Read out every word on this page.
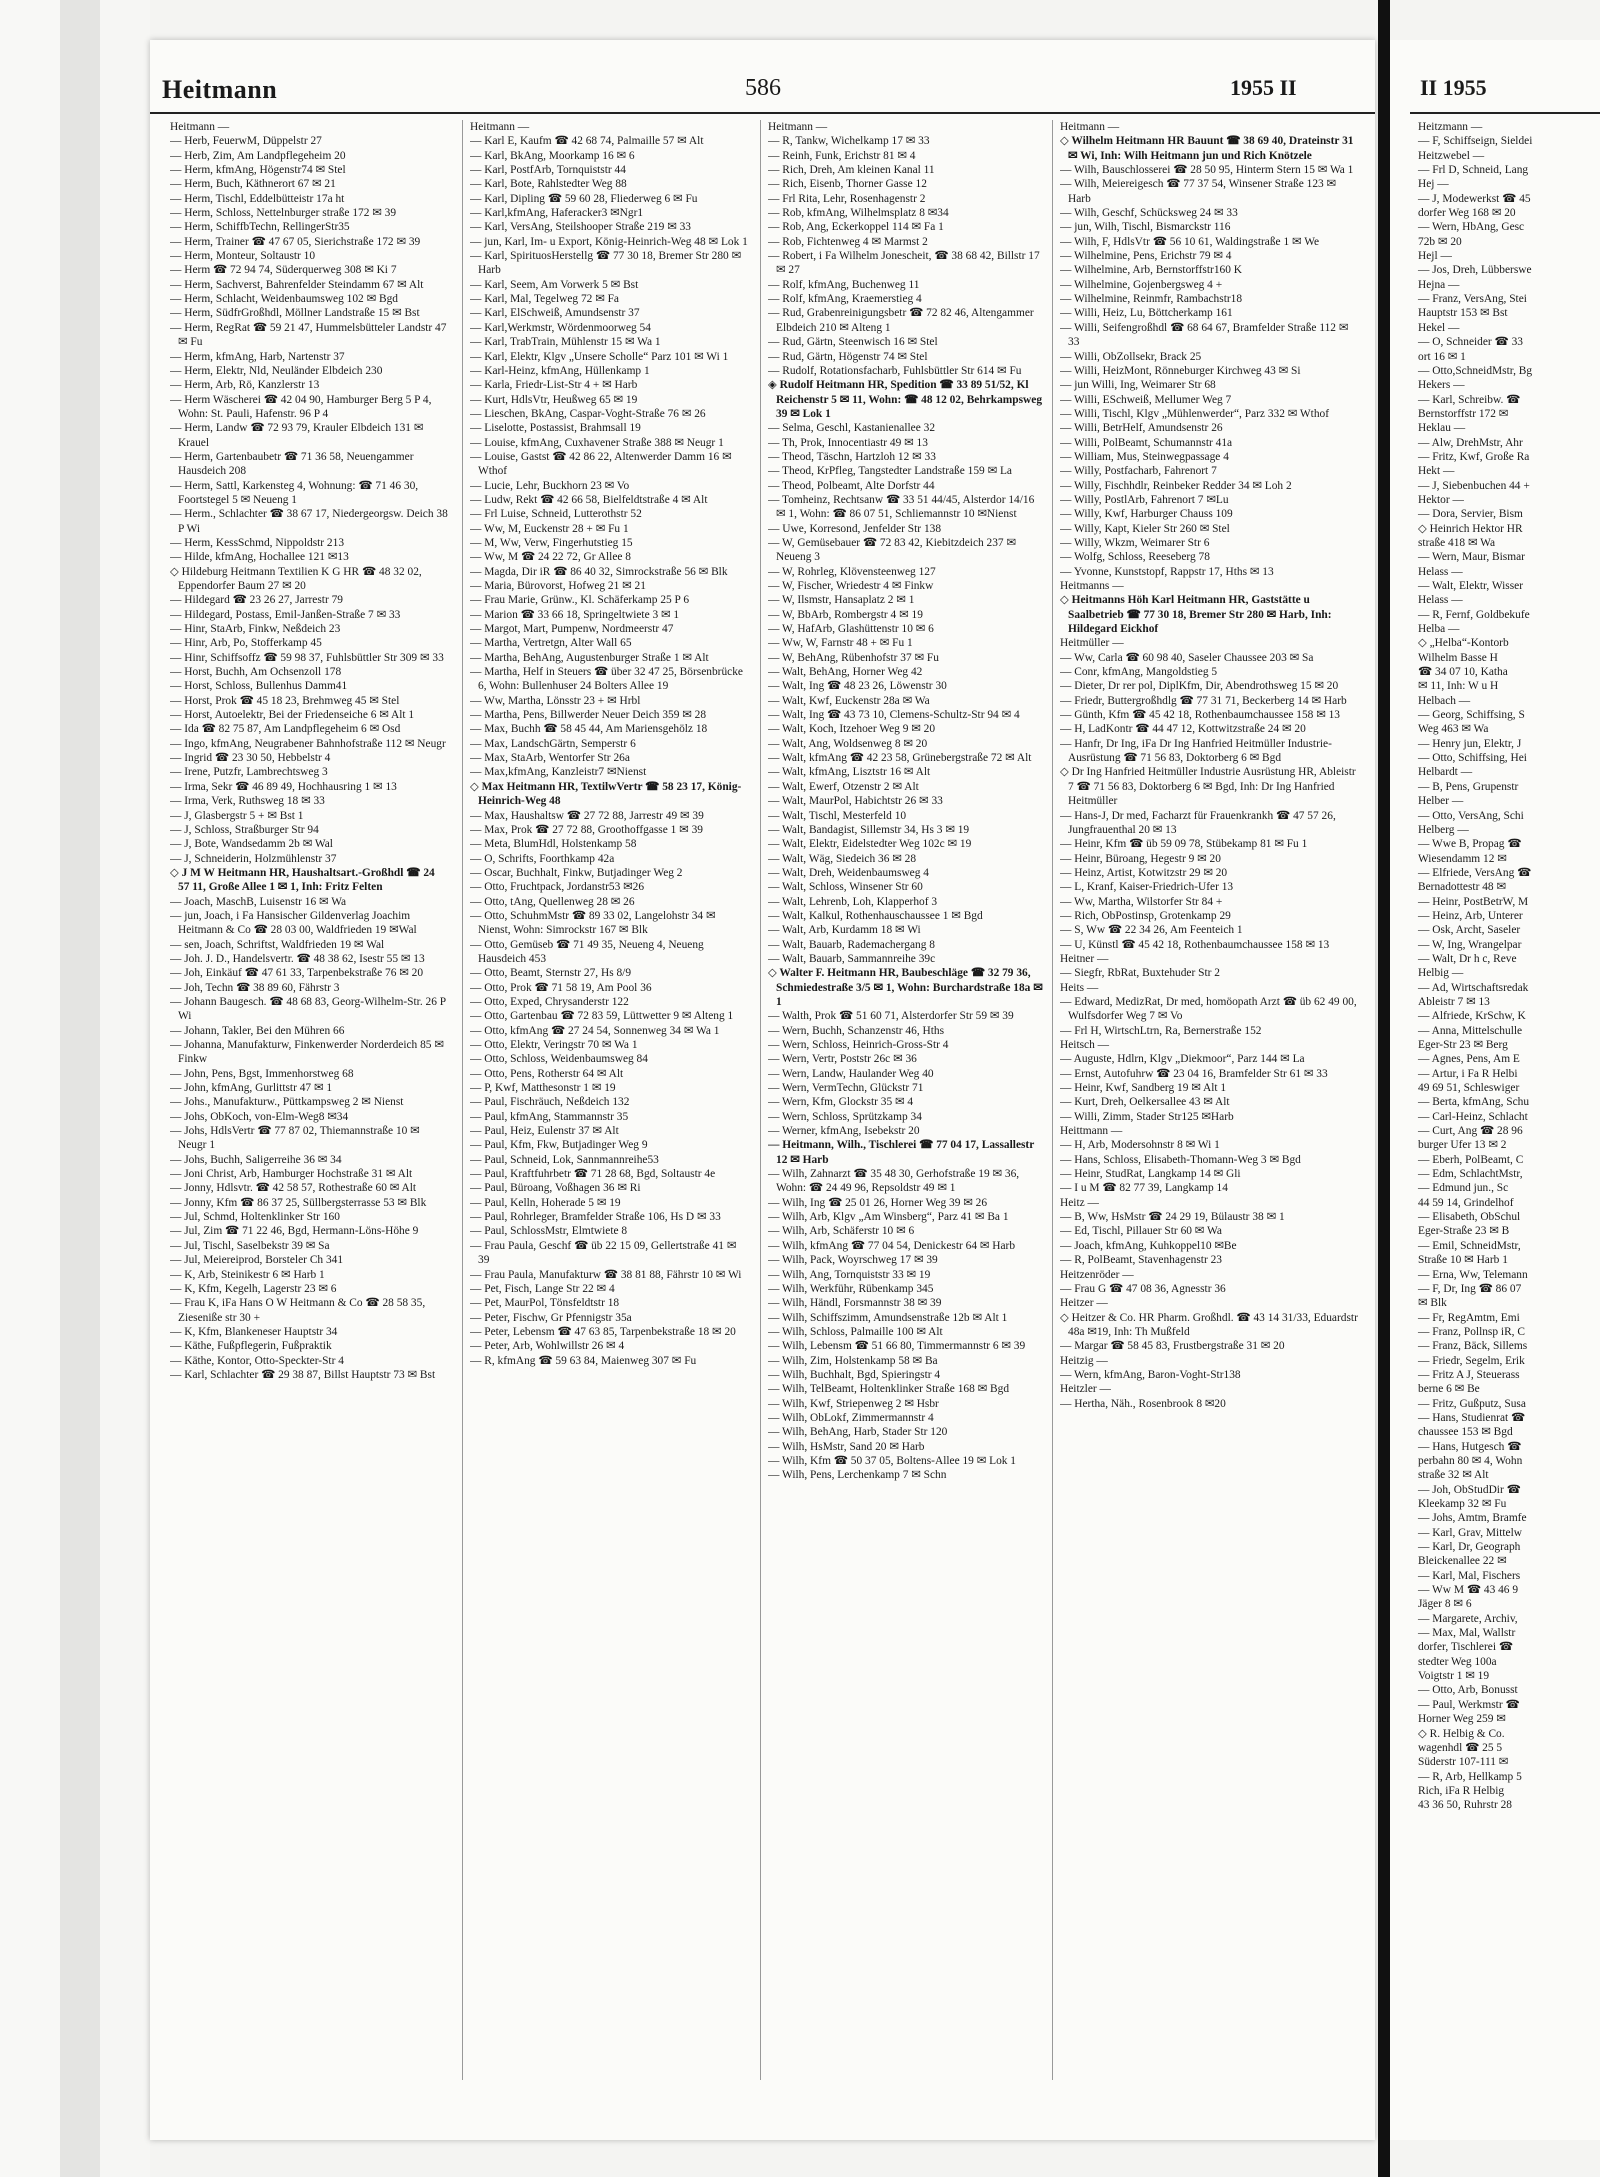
Heitmann	586	1955 II
Heitmann —
— Herb, FeuerwM, Düppelstr 27
— Herb, Zim, Am Landpflegeheim 20
— Herm, kfmAng, Högenstr74 ✉ Stel
— Herm, Buch, Käthnerort 67 ✉ 21
— Herm, Tischl, Eddelbütteistr 17a ht
— Herm, Schloss, Nettelnburger straße 172 ✉ 39
— Herm, SchiffbTechn, RellingerStr35
— Herm, Trainer ☎ 47 67 05, Sierichstraße 172 ✉ 39
— Herm, Monteur, Soltaustr 10
— Herm ☎ 72 94 74, Süderquerweg 308 ✉ Ki 7
— Herm, Sachverst, Bahrenfelder Steindamm 67 ✉ Alt
— Herm, Schlacht, Weidenbaumsweg 102 ✉ Bgd
— Herm, SüdfrGroßhdl, Möllner Landstraße 15 ✉ Bst
— Herm, RegRat ☎ 59 21 47, Hummelsbütteler Landstr 47 ✉ Fu
— Herm, kfmAng, Harb, Nartenstr 37
— Herm, Elektr, Nld, Neuländer Elbdeich 230
— Herm, Arb, Rö, Kanzlerstr 13
— Herm Wäscherei ☎ 42 04 90, Hamburger Berg 5 P 4, Wohn: St. Pauli, Hafenstr. 96 P 4
— Herm, Landw ☎ 72 93 79, Krauler Elbdeich 131 ✉ Krauel
— Herm, Gartenbaubetr ☎ 71 36 58, Neuengammer Hausdeich 208
— Herm, Sattl, Karkensteg 4, Wohnung: ☎ 71 46 30, Foortstegel 5 ✉ Neueng 1
— Herm., Schlachter ☎ 38 67 17, Niedergeorgsw. Deich 38 P Wi
— Herm, KessSchmd, Nippoldstr 213
— Hilde, kfmAng, Hochallee 121 ✉13
◇ Hildeburg Heitmann Textilien K G HR ☎ 48 32 02, Eppendorfer Baum 27 ✉ 20
— Hildegard ☎ 23 26 27, Jarrestr 79
— Hildegard, Postass, Emil-Janßen-Straße 7 ✉ 33
— Hinr, StaArb, Finkw, Neßdeich 23
— Hinr, Arb, Po, Stofferkamp 45
— Hinr, Schiffsoffz ☎ 59 98 37, Fuhlsbüttler Str 309 ✉ 33
— Horst, Buchh, Am Ochsenzoll 178
— Horst, Schloss, Bullenhus Damm41
— Horst, Prok ☎ 45 18 23, Brehmweg 45 ✉ Stel
— Horst, Autoelektr, Bei der Friedenseiche 6 ✉ Alt 1
— Ida ☎ 82 75 87, Am Landpflegeheim 6 ✉ Osd
— Ingo, kfmAng, Neugrabener Bahnhofstraße 112 ✉ Neugr
— Ingrid ☎ 23 30 50, Hebbelstr 4
— Irene, Putzfr, Lambrechtsweg 3
— Irma, Sekr ☎ 46 89 49, Hochhausring 1 ✉ 13
— Irma, Verk, Ruthsweg 18 ✉ 33
— J, Glasbergstr 5 + ✉ Bst 1
— J, Schloss, Straßburger Str 94
— J, Bote, Wandsedamm 2b ✉ Wal
— J, Schneiderin, Holzmühlenstr 37
◇ J M W Heitmann HR, Haushaltsart.-Großhdl ☎ 24 57 11, Große Allee 1 ✉ 1, Inh: Fritz Felten
— Joach, MaschB, Luisenstr 16 ✉ Wa
— jun, Joach, i Fa Hansischer Gildenverlag Joachim Heitmann & Co ☎ 28 03 00, Waldfrieden 19 ✉Wal
— sen, Joach, Schriftst, Waldfrieden 19 ✉ Wal
— Joh. J. D., Handelsvertr. ☎ 48 38 62, Isestr 55 ✉ 13
— Joh, Einkäuf ☎ 47 61 33, Tarpenbekstraße 76 ✉ 20
— Joh, Techn ☎ 38 89 60, Fährstr 3
— Johann Baugesch. ☎ 48 68 83, Georg-Wilhelm-Str. 26 P Wi
— Johann, Takler, Bei den Mühren 66
— Johanna, Manufakturw, Finkenwerder Norderdeich 85 ✉ Finkw
— John, Pens, Bgst, Immenhorstweg 68
— John, kfmAng, Gurlittstr 47 ✉ 1
— Johs., Manufakturw., Püttkampsweg 2 ✉ Nienst
— Johs, ObKoch, von-Elm-Weg8 ✉34
— Johs, HdlsVertr ☎ 77 87 02, Thiemannstraße 10 ✉ Neugr 1
— Johs, Buchh, Saligerreihe 36 ✉ 34
— Joni Christ, Arb, Hamburger Hochstraße 31 ✉ Alt
— Jonny, Hdlsvtr. ☎ 42 58 57, Rothestraße 60 ✉ Alt
— Jonny, Kfm ☎ 86 37 25, Süllbergsterrasse 53 ✉ Blk
— Jul, Schmd, Holtenklinker Str 160
— Jul, Zim ☎ 71 22 46, Bgd, Hermann-Löns-Höhe 9
— Jul, Tischl, Saselbekstr 39 ✉ Sa
— Jul, Meiereiprod, Borsteler Ch 341
— K, Arb, Steinikestr 6 ✉ Harb 1
— K, Kfm, Kegelh, Lagerstr 23 ✉ 6
— Frau K, iFa Hans O W Heitmann & Co ☎ 28 58 35, Zieseniße str 30 +
— K, Kfm, Blankeneser Hauptstr 34
— Käthe, Fußpflegerin, Fußpraktik
— Käthe, Kontor, Otto-Speckter-Str 4
— Karl, Schlachter ☎ 29 38 87, Billst Hauptstr 73 ✉ Bst
Heitmann —
— Karl E, Kaufm ☎ 42 68 74, Palmaille 57 ✉ Alt
— Karl, BkAng, Moorkamp 16 ✉ 6
— Karl, PostfArb, Tornquiststr 44
— Karl, Bote, Rahlstedter Weg 88
— Karl, Dipling ☎ 59 60 28, Fliederweg 6 ✉ Fu
— Karl,kfmAng, Haferacker3 ✉Ngr1
— Karl, VersAng, Steilshooper Straße 219 ✉ 33
— jun, Karl, Im- u Export, König-Heinrich-Weg 48 ✉ Lok 1
— Karl, SpirituosHerstellg ☎ 77 30 18, Bremer Str 280 ✉ Harb
— Karl, Seem, Am Vorwerk 5 ✉ Bst
— Karl, Mal, Tegelweg 72 ✉ Fa
— Karl, ElSchweiß, Amundsenstr 37
— Karl,Werkmstr, Wördenmoorweg 54
— Karl, TrabTrain, Mühlenstr 15 ✉ Wa 1
— Karl, Elektr, Klgv „Unsere Scholle“ Parz 101 ✉ Wi 1
— Karl-Heinz, kfmAng, Hüllenkamp 1
— Karla, Friedr-List-Str 4 + ✉ Harb
— Kurt, HdlsVtr, Heußweg 65 ✉ 19
— Lieschen, BkAng, Caspar-Voght-Straße 76 ✉ 26
— Liselotte, Postassist, Brahmsall 19
— Louise, kfmAng, Cuxhavener Straße 388 ✉ Neugr 1
— Louise, Gastst ☎ 42 86 22, Altenwerder Damm 16 ✉ Wthof
— Lucie, Lehr, Buckhorn 23 ✉ Vo
— Ludw, Rekt ☎ 42 66 58, Bielfeldtstraße 4 ✉ Alt
— Frl Luise, Schneid, Lutterothstr 52
— Ww, M, Euckenstr 28 + ✉ Fu 1
— M, Ww, Verw, Fingerhutstieg 15
— Ww, M ☎ 24 22 72, Gr Allee 8
— Magda, Dir iR ☎ 86 40 32, Simrockstraße 56 ✉ Blk
— Maria, Bürovorst, Hofweg 21 ✉ 21
— Frau Marie, Grünw., Kl. Schäferkamp 25 P 6
— Marion ☎ 33 66 18, Springeltwiete 3 ✉ 1
— Margot, Mart, Pumpenw, Nordmeerstr 47
— Martha, Vertretgn, Alter Wall 65
— Martha, BehAng, Augustenburger Straße 1 ✉ Alt
— Martha, Helf in Steuers ☎ über 32 47 25, Börsenbrücke 6, Wohn: Bullenhuser 24 Bolters Allee 19
— Ww, Martha, Lönsstr 23 + ✉ Hrbl
— Martha, Pens, Billwerder Neuer Deich 359 ✉ 28
— Max, Buchh ☎ 58 45 44, Am Mariensgehölz 18
— Max, LandschGärtn, Semperstr 6
— Max, StaArb, Wentorfer Str 26a
— Max,kfmAng, Kanzleistr7 ✉Nienst
◇ Max Heitmann HR, TextilwVertr ☎ 58 23 17, König-Heinrich-Weg 48
— Max, Haushaltsw ☎ 27 72 88, Jarrestr 49 ✉ 39
— Max, Prok ☎ 27 72 88, Groothoffgasse 1 ✉ 39
— Meta, BlumHdl, Holstenkamp 58
— O, Schrifts, Foorthkamp 42a
— Oscar, Buchhalt, Finkw, Butjadinger Weg 2
— Otto, Fruchtpack, Jordanstr53 ✉26
— Otto, tAng, Quellenweg 28 ✉ 26
— Otto, SchuhmMstr ☎ 89 33 02, Langelohstr 34 ✉ Nienst, Wohn: Simrockstr 167 ✉ Blk
— Otto, Gemüseb ☎ 71 49 35, Neueng 4, Neueng Hausdeich 453
— Otto, Beamt, Sternstr 27, Hs 8/9
— Otto, Prok ☎ 71 58 19, Am Pool 36
— Otto, Exped, Chrysanderstr 122
— Otto, Gartenbau ☎ 72 83 59, Lüttwetter 9 ✉ Alteng 1
— Otto, kfmAng ☎ 27 24 54, Sonnenweg 34 ✉ Wa 1
— Otto, Elektr, Veringstr 70 ✉ Wa 1
— Otto, Schloss, Weidenbaumsweg 84
— Otto, Pens, Rotherstr 64 ✉ Alt
— P, Kwf, Matthesonstr 1 ✉ 19
— Paul, Fischräuch, Neßdeich 132
— Paul, kfmAng, Stammannstr 35
— Paul, Heiz, Eulenstr 37 ✉ Alt
— Paul, Kfm, Fkw, Butjadinger Weg 9
— Paul, Schneid, Lok, Sannmannreihe53
— Paul, Kraftfuhrbetr ☎ 71 28 68, Bgd, Soltaustr 4e
— Paul, Büroang, Voßhagen 36 ✉ Ri
— Paul, Kelln, Hoherade 5 ✉ 19
— Paul, Rohrleger, Bramfelder Straße 106, Hs D ✉ 33
— Paul, SchlossMstr, Elmtwiete 8
— Frau Paula, Geschf ☎ üb 22 15 09, Gellertstraße 41 ✉ 39
— Frau Paula, Manufakturw ☎ 38 81 88, Fährstr 10 ✉ Wi
— Pet, Fisch, Lange Str 22 ✉ 4
— Pet, MaurPol, Tönsfeldtstr 18
— Peter, Fischw, Gr Pfennigstr 35a
— Peter, Lebensm ☎ 47 63 85, Tarpenbekstraße 18 ✉ 20
— Peter, Arb, Wohlwillstr 26 ✉ 4
— R, kfmAng ☎ 59 63 84, Maienweg 307 ✉ Fu
Heitmann —
— R, Tankw, Wichelkamp 17 ✉ 33
— Reinh, Funk, Erichstr 81 ✉ 4
— Rich, Dreh, Am kleinen Kanal 11
— Rich, Eisenb, Thorner Gasse 12
— Frl Rita, Lehr, Rosenhagenstr 2
— Rob, kfmAng, Wilhelmsplatz 8 ✉34
— Rob, Ang, Eckerkoppel 114 ✉ Fa 1
— Rob, Fichtenweg 4 ✉ Marmst 2
— Robert, i Fa Wilhelm Jonescheit, ☎ 38 68 42, Billstr 17 ✉ 27
— Rolf, kfmAng, Buchenweg 11
— Rolf, kfmAng, Kraemerstieg 4
— Rud, Grabenreinigungsbetr ☎ 72 82 46, Altengammer Elbdeich 210 ✉ Alteng 1
— Rud, Gärtn, Steenwisch 16 ✉ Stel
— Rud, Gärtn, Högenstr 74 ✉ Stel
— Rudolf, Rotationsfacharb, Fuhlsbüttler Str 614 ✉ Fu
◈ Rudolf Heitmann HR, Spedition ☎ 33 89 51/52, Kl Reichenstr 5 ✉ 11, Wohn: ☎ 48 12 02, Behrkampsweg 39 ✉ Lok 1
— Selma, Geschl, Kastanienallee 32
— Th, Prok, Innocentiastr 49 ✉ 13
— Theod, Täschn, Hartzloh 12 ✉ 33
— Theod, KrPfleg, Tangstedter Landstraße 159 ✉ La
— Theod, Polbeamt, Alte Dorfstr 44
— Tomheinz, Rechtsanw ☎ 33 51 44/45, Alsterdor 14/16 ✉ 1, Wohn: ☎ 86 07 51, Schliemannstr 10 ✉Nienst
— Uwe, Korresond, Jenfelder Str 138
— W, Gemüsebauer ☎ 72 83 42, Kiebitzdeich 237 ✉ Neueng 3
— W, Rohrleg, Klövensteenweg 127
— W, Fischer, Wriedestr 4 ✉ Finkw
— W, Ilsmstr, Hansaplatz 2 ✉ 1
— W, BbArb, Rombergstr 4 ✉ 19
— W, HafArb, Glashüttenstr 10 ✉ 6
— Ww, W, Farnstr 48 + ✉ Fu 1
— W, BehAng, Rübenhofstr 37 ✉ Fu
— Walt, BehAng, Horner Weg 42
— Walt, Ing ☎ 48 23 26, Löwenstr 30
— Walt, Kwf, Euckenstr 28a ✉ Wa
— Walt, Ing ☎ 43 73 10, Clemens-Schultz-Str 94 ✉ 4
— Walt, Koch, Itzehoer Weg 9 ✉ 20
— Walt, Ang, Woldsenweg 8 ✉ 20
— Walt, kfmAng ☎ 42 23 58, Grünebergstraße 72 ✉ Alt
— Walt, kfmAng, Lisztstr 16 ✉ Alt
— Walt, Ewerf, Otzenstr 2 ✉ Alt
— Walt, MaurPol, Habichtstr 26 ✉ 33
— Walt, Tischl, Mesterfeld 10
— Walt, Bandagist, Sillemstr 34, Hs 3 ✉ 19
— Walt, Elektr, Eidelstedter Weg 102c ✉ 19
— Walt, Wäg, Siedeich 36 ✉ 28
— Walt, Dreh, Weidenbaumsweg 4
— Walt, Schloss, Winsener Str 60
— Walt, Lehrenb, Loh, Klapperhof 3
— Walt, Kalkul, Rothenhauschaussee 1 ✉ Bgd
— Walt, Arb, Kurdamm 18 ✉ Wi
— Walt, Bauarb, Rademachergang 8
— Walt, Bauarb, Sammannreihe 39c
◇ Walter F. Heitmann HR, Baubeschläge ☎ 32 79 36, Schmiedestraße 3/5 ✉ 1, Wohn: Burchardstraße 18a ✉ 1
— Walth, Prok ☎ 51 60 71, Alsterdorfer Str 59 ✉ 39
— Wern, Buchh, Schanzenstr 46, Hths
— Wern, Schloss, Heinrich-Gross-Str 4
— Wern, Vertr, Poststr 26c ✉ 36
— Wern, Landw, Haulander Weg 40
— Wern, VermTechn, Glückstr 71
— Wern, Kfm, Glockstr 35 ✉ 4
— Wern, Schloss, Sprützkamp 34
— Werner, kfmAng, Isebekstr 20
— Heitmann, Wilh., Tischlerei ☎ 77 04 17, Lassallestr 12 ✉ Harb
— Wilh, Zahnarzt ☎ 35 48 30, Gerhofstraße 19 ✉ 36, Wohn: ☎ 24 49 96, Repsoldstr 49 ✉ 1
— Wilh, Ing ☎ 25 01 26, Horner Weg 39 ✉ 26
— Wilh, Arb, Klgv „Am Winsberg“, Parz 41 ✉ Ba 1
— Wilh, Arb, Schäferstr 10 ✉ 6
— Wilh, kfmAng ☎ 77 04 54, Denickestr 64 ✉ Harb
— Wilh, Pack, Woyrschweg 17 ✉ 39
— Wilh, Ang, Tornquiststr 33 ✉ 19
— Wilh, Werkführ, Rübenkamp 345
— Wilh, Händl, Forsmannstr 38 ✉ 39
— Wilh, Schiffszimm, Amundsenstraße 12b ✉ Alt 1
— Wilh, Schloss, Palmaille 100 ✉ Alt
— Wilh, Lebensm ☎ 51 66 80, Timmermannstr 6 ✉ 39
— Wilh, Zim, Holstenkamp 58 ✉ Ba
— Wilh, Buchhalt, Bgd, Spieringstr 4
— Wilh, TelBeamt, Holtenklinker Straße 168 ✉ Bgd
— Wilh, Kwf, Striepenweg 2 ✉ Hsbr
— Wilh, ObLokf, Zimmermannstr 4
— Wilh, BehAng, Harb, Stader Str 120
— Wilh, HsMstr, Sand 20 ✉ Harb
— Wilh, Kfm ☎ 50 37 05, Boltens-Allee 19 ✉ Lok 1
— Wilh, Pens, Lerchenkamp 7 ✉ Schn
Heitmann —
◇ Wilhelm Heitmann HR Bauunt ☎ 38 69 40, Drateinstr 31 ✉ Wi, Inh: Wilh Heitmann jun und Rich Knötzele
— Wilh, Bauschlosserei ☎ 28 50 95, Hinterm Stern 15 ✉ Wa 1
— Wilh, Meiereigesch ☎ 77 37 54, Winsener Straße 123 ✉ Harb
— Wilh, Geschf, Schücksweg 24 ✉ 33
— jun, Wilh, Tischl, Bismarckstr 116
— Wilh, F, HdlsVtr ☎ 56 10 61, Waldingstraße 1 ✉ We
— Wilhelmine, Pens, Erichstr 79 ✉ 4
— Wilhelmine, Arb, Bernstorffstr160 K
— Wilhelmine, Gojenbergsweg 4 +
— Wilhelmine, Reinmfr, Rambachstr18
— Willi, Heiz, Lu, Böttcherkamp 161
— Willi, Seifengroßhdl ☎ 68 64 67, Bramfelder Straße 112 ✉ 33
— Willi, ObZollsekr, Brack 25
— Willi, HeizMont, Rönneburger Kirchweg 43 ✉ Si
— jun Willi, Ing, Weimarer Str 68
— Willi, ESchweiß, Mellumer Weg 7
— Willi, Tischl, Klgv „Mühlenwerder“, Parz 332 ✉ Wthof
— Willi, BetrHelf, Amundsenstr 26
— Willi, PolBeamt, Schumannstr 41a
— William, Mus, Steinwegpassage 4
— Willy, Postfacharb, Fahrenort 7
— Willy, Fischhdlr, Reinbeker Redder 34 ✉ Loh 2
— Willy, PostlArb, Fahrenort 7 ✉Lu
— Willy, Kwf, Harburger Chauss 109
— Willy, Kapt, Kieler Str 260 ✉ Stel
— Willy, Wkzm, Weimarer Str 6
— Wolfg, Schloss, Reeseberg 78
— Yvonne, Kunststopf, Rappstr 17, Hths ✉ 13
Heitmanns —
◇ Heitmanns Höh Karl Heitmann HR, Gaststätte u Saalbetrieb ☎ 77 30 18, Bremer Str 280 ✉ Harb, Inh: Hildegard Eickhof
Heitmüller —
— Ww, Carla ☎ 60 98 40, Saseler Chaussee 203 ✉ Sa
— Conr, kfmAng, Mangoldstieg 5
— Dieter, Dr rer pol, DiplKfm, Dir, Abendrothsweg 15 ✉ 20
— Friedr, Buttergroßhdlg ☎ 77 31 71, Beckerberg 14 ✉ Harb
— Günth, Kfm ☎ 45 42 18, Rothenbaumchaussee 158 ✉ 13
— H, LadKontr ☎ 44 47 12, Kottwitzstraße 24 ✉ 20
— Hanfr, Dr Ing, iFa Dr Ing Hanfried Heitmüller Industrie-Ausrüstung ☎ 71 56 83, Doktorberg 6 ✉ Bgd
◇ Dr Ing Hanfried Heitmüller Industrie Ausrüstung HR, Ableistr 7 ☎ 71 56 83, Doktorberg 6 ✉ Bgd, Inh: Dr Ing Hanfried Heitmüller
— Hans-J, Dr med, Facharzt für Frauenkrankh ☎ 47 57 26, Jungfrauenthal 20 ✉ 13
— Heinr, Kfm ☎ üb 59 09 78, Stübekamp 81 ✉ Fu 1
— Heinr, Büroang, Hegestr 9 ✉ 20
— Heinz, Artist, Kotwitzstr 29 ✉ 20
— L, Kranf, Kaiser-Friedrich-Ufer 13
— Ww, Martha, Wilstorfer Str 84 +
— Rich, ObPostinsp, Grotenkamp 29
— S, Ww ☎ 22 34 26, Am Feenteich 1
— U, Künstl ☎ 45 42 18, Rothenbaumchaussee 158 ✉ 13
Heitner —
— Siegfr, RbRat, Buxtehuder Str 2
Heits —
— Edward, MedizRat, Dr med, homöopath Arzt ☎ üb 62 49 00, Wulfsdorfer Weg 7 ✉ Vo
— Frl H, WirtschLtrn, Ra, Bernerstraße 152
Heitsch —
— Auguste, Hdlrn, Klgv „Diekmoor“, Parz 144 ✉ La
— Ernst, Autofuhrw ☎ 23 04 16, Bramfelder Str 61 ✉ 33
— Heinr, Kwf, Sandberg 19 ✉ Alt 1
— Kurt, Dreh, Oelkersallee 43 ✉ Alt
— Willi, Zimm, Stader Str125 ✉Harb
Heittmann —
— H, Arb, Modersohnstr 8 ✉ Wi 1
— Hans, Schloss, Elisabeth-Thomann-Weg 3 ✉ Bgd
— Heinr, StudRat, Langkamp 14 ✉ Gli
— I u M ☎ 82 77 39, Langkamp 14
Heitz —
— B, Ww, HsMstr ☎ 24 29 19, Bülaustr 38 ✉ 1
— Ed, Tischl, Pillauer Str 60 ✉ Wa
— Joach, kfmAng, Kuhkoppel10 ✉Be
— R, PolBeamt, Stavenhagenstr 23
Heitzenröder —
— Frau G ☎ 47 08 36, Agnesstr 36
Heitzer —
◇ Heitzer & Co. HR Pharm. Großhdl. ☎ 43 14 31/33, Eduardstr 48a ✉19, Inh: Th Mußfeld
— Margar ☎ 58 45 83, Frustbergstraße 31 ✉ 20
Heitzig —
— Wern, kfmAng, Baron-Voght-Str138
Heitzler —
— Hertha, Näh., Rosenbrook 8 ✉20
II 1955
Heitzmann —
— F, Schiffseign, Sieldei
Heitzwebel —
— Frl D, Schneid, Lang
Hej —
— J, Modewerkst ☎ 45
dorfer Weg 168 ✉ 20
— Wern, HbAng, Gesc
72b ✉ 20
Hejl —
— Jos, Dreh, Lübberswe
Hejna —
— Franz, VersAng, Stei
Hauptstr 153 ✉ Bst
Hekel —
— O, Schneider ☎ 33
ort 16 ✉ 1
— Otto,SchneidMstr, Bg
Hekers —
— Karl, Schreibw. ☎
Bernstorffstr 172 ✉
Heklau —
— Alw, DrehMstr, Ahr
— Fritz, Kwf, Große Ra
Hekt —
— J, Siebenbuchen 44 +
Hektor —
— Dora, Servier, Bism
◇ Heinrich Hektor HR
straße 418 ✉ Wa
— Wern, Maur, Bismar
Helass —
— Walt, Elektr, Wisser
Helass —
— R, Fernf, Goldbekufe
Helba —
◇ „Helba“-Kontorb
Wilhelm Basse H
☎ 34 07 10, Katha
✉ 11, Inh: W u H
Helbach —
— Georg, Schiffsing, S
Weg 463 ✉ Wa
— Henry jun, Elektr, J
— Otto, Schiffsing, Hei
Helbardt —
— B, Pens, Grupenstr
Helber —
— Otto, VersAng, Schi
Helberg —
— Wwe B, Propag ☎
Wiesendamm 12 ✉
— Elfriede, VersAng ☎
Bernadottestr 48 ✉
— Heinr, PostBetrW, M
— Heinz, Arb, Unterer
— Osk, Archt, Saseler
— W, Ing, Wrangelpar
— Walt, Dr h c, Reve
Helbig —
— Ad, Wirtschaftsredak
Ableistr 7 ✉ 13
— Alfriede, KrSchw, K
— Anna, Mittelschulle
Eger-Str 23 ✉ Berg
— Agnes, Pens, Am E
— Artur, i Fa R Helbi
49 69 51, Schleswiger
— Berta, kfmAng, Schu
— Carl-Heinz, Schlacht
— Curt, Ang ☎ 28 96
burger Ufer 13 ✉ 2
— Eberh, PolBeamt, C
— Edm, SchlachtMstr,
— Edmund jun., Sc
44 59 14, Grindelhof
— Elisabeth, ObSchul
Eger-Straße 23 ✉ B
— Emil, SchneidMstr,
Straße 10 ✉ Harb 1
— Erna, Ww, Telemann
— F, Dr, Ing ☎ 86 07
✉ Blk
— Fr, RegAmtm, Emi
— Franz, Pollnsp iR, C
— Franz, Bäck, Sillems
— Friedr, Segelm, Erik
— Fritz A J, Steuerass
berne 6 ✉ Be
— Fritz, Gußputz, Susa
— Hans, Studienrat ☎
chaussee 153 ✉ Bgd
— Hans, Hutgesch ☎
perbahn 80 ✉ 4, Wohn
straße 32 ✉ Alt
— Joh, ObStudDir ☎
Kleekamp 32 ✉ Fu
— Johs, Amtm, Bramfe
— Karl, Grav, Mittelw
— Karl, Dr, Geograph
Bleickenallee 22 ✉
— Karl, Mal, Fischers
— Ww M ☎ 43 46 9
Jäger 8 ✉ 6
— Margarete, Archiv,
— Max, Mal, Wallstr
dorfer, Tischlerei ☎
stedter Weg 100a
Voigtstr 1 ✉ 19
— Otto, Arb, Bonusst
— Paul, Werkmstr ☎
Horner Weg 259 ✉
◇ R. Helbig & Co.
wagenhdl ☎ 25 5
Süderstr 107-111 ✉
— R, Arb, Hellkamp 5
Rich, iFa R Helbig
43 36 50, Ruhrstr 28
